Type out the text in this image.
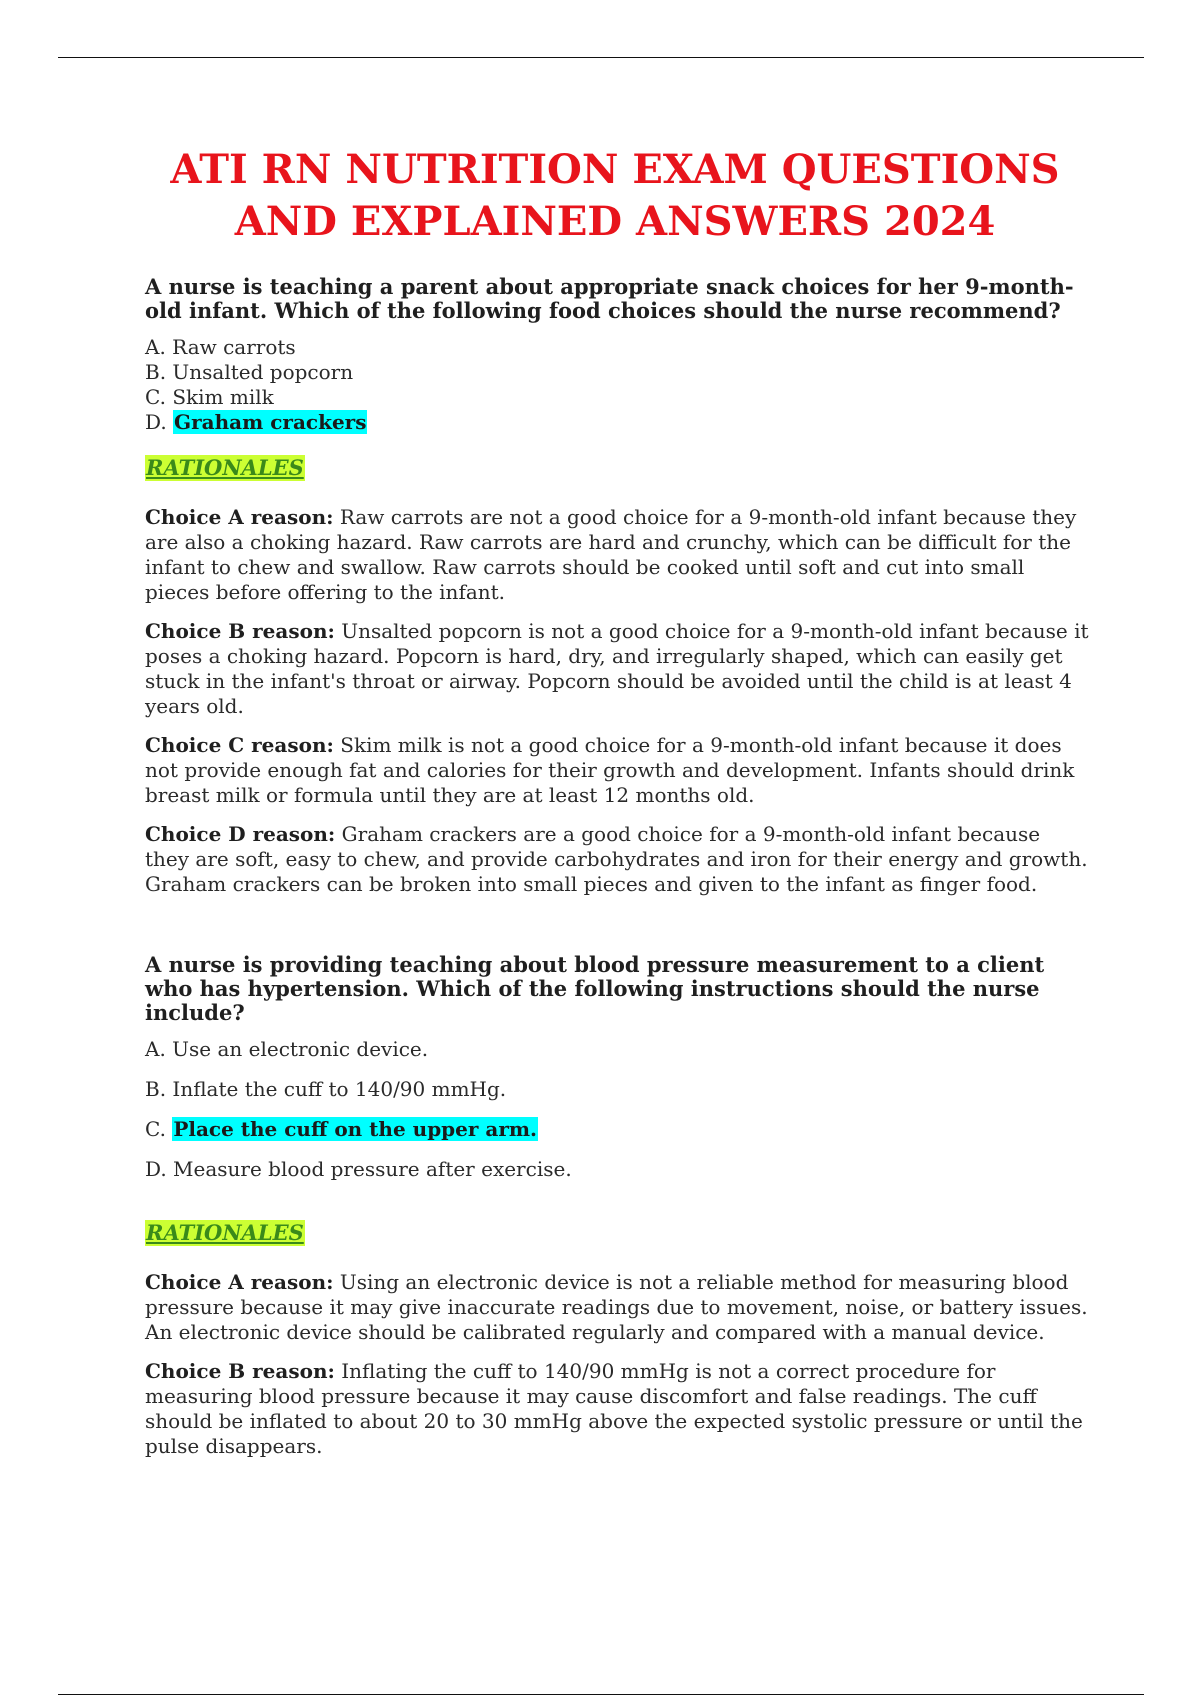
ATI RN NUTRITION EXAM QUESTIONS
AND EXPLAINED ANSWERS 2024

A nurse is teaching a parent about appropriate snack choices for her 9-month-old infant. Which of the following food choices should the nurse recommend?

A. Raw carrots
B. Unsalted popcorn
C. Skim milk
D. Graham crackers
RATIONALES

Choice A reason: Raw carrots are not a good choice for a 9-month-old infant because they are also a choking hazard. Raw carrots are hard and crunchy, which can be difficult for the infant to chew and swallow. Raw carrots should be cooked until soft and cut into small pieces before offering to the infant.

Choice B reason: Unsalted popcorn is not a good choice for a 9-month-old infant because it poses a choking hazard. Popcorn is hard, dry, and irregularly shaped, which can easily get stuck in the infant's throat or airway. Popcorn should be avoided until the child is at least 4 years old.

Choice C reason: Skim milk is not a good choice for a 9-month-old infant because it does not provide enough fat and calories for their growth and development. Infants should drink breast milk or formula until they are at least 12 months old.

Choice D reason: Graham crackers are a good choice for a 9-month-old infant because they are soft, easy to chew, and provide carbohydrates and iron for their energy and growth. Graham crackers can be broken into small pieces and given to the infant as finger food.

A nurse is providing teaching about blood pressure measurement to a client who has hypertension. Which of the following instructions should the nurse include?

A. Use an electronic device.
B. Inflate the cuff to 140/90 mmHg.
C. Place the cuff on the upper arm.
D. Measure blood pressure after exercise.
RATIONALES

Choice A reason: Using an electronic device is not a reliable method for measuring blood pressure because it may give inaccurate readings due to movement, noise, or battery issues. An electronic device should be calibrated regularly and compared with a manual device.

Choice B reason: Inflating the cuff to 140/90 mmHg is not a correct procedure for measuring blood pressure because it may cause discomfort and false readings. The cuff should be inflated to about 20 to 30 mmHg above the expected systolic pressure or until the pulse disappears.
